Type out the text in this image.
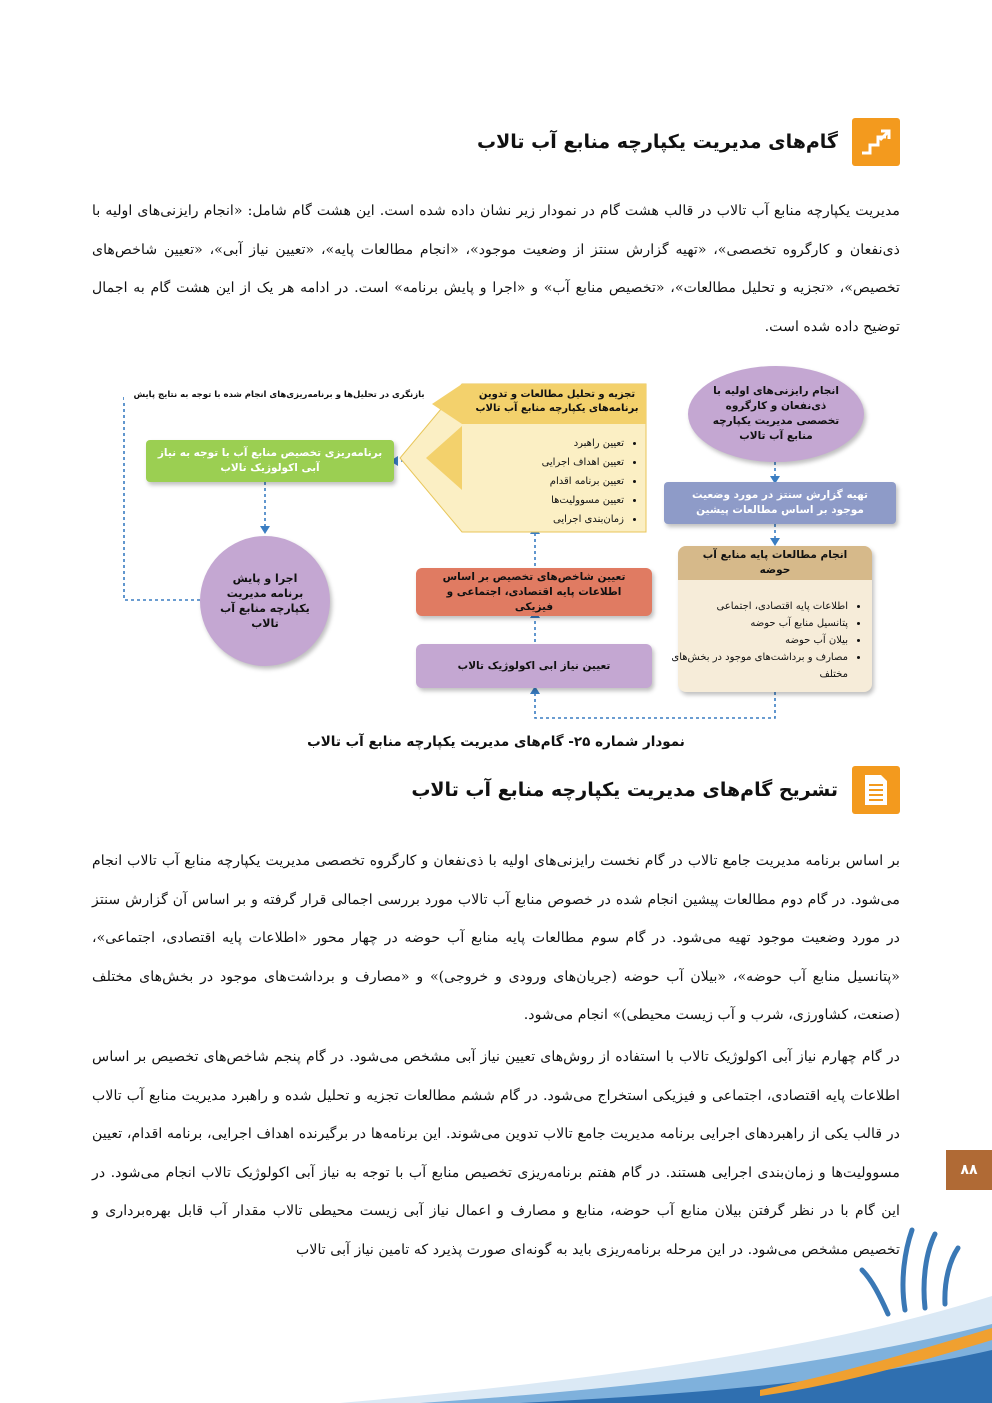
گام‌های مدیریت یکپارچه منابع آب تالاب

مدیریت یکپارچه منابع آب تالاب در قالب هشت گام در نمودار زیر نشان داده شده است. این هشت گام شامل: «انجام رایزنی‌های اولیه با ذی‌نفعان و کارگروه تخصصی»، «تهیه گزارش سنتز از وضعیت موجود»، «انجام مطالعات پایه»، «تعیین نیاز آبی»، «تعیین شاخص‌های تخصیص»، «تجزیه و تحلیل مطالعات»، «تخصیص منابع آب» و «اجرا و پایش برنامه» است. در ادامه هر یک از این هشت گام به اجمال توضیح داده شده است.

انجام رایزنی‌های اولیه با ذی‌نفعان و کارگروه تخصصی مدیریت یکپارچه منابع آب تالاب
تهیه گزارش سنتز در مورد وضعیت موجود بر اساس مطالعات پیشین
انجام مطالعات پایه منابع آب حوضه
• اطلاعات پایه اقتصادی، اجتماعی
• پتانسیل منابع آب حوضه
• بیلان آب حوضه
• مصارف و برداشت‌های موجود در بخش‌های مختلف
تعیین نیاز ابی اکولوژیک تالاب
تعیین شاخص‌های تخصیص بر اساس اطلاعات پایه اقتصادی، اجتماعی و فیزیکی
تجزیه و تحلیل مطالعات و تدوین برنامه‌های یکپارچه منابع آب تالاب
• تعیین راهبرد
• تعیین اهداف اجرایی
• تعیین برنامه اقدام
• تعیین مسوولیت‌ها
• زمان‌بندی اجرایی
برنامه‌ریزی تخصیص منابع آب با توجه به نیاز آبی اکولوژیک تالاب
اجرا و پایش برنامه مدیریت یکپارچه منابع آب تالاب
بازنگری در تحلیل‌ها و برنامه‌ریزی‌های انجام شده با توجه به نتایج پایش
نمودار شماره ۲۵- گام‌های مدیریت یکپارچه منابع آب تالاب
تشریح گام‌های مدیریت یکپارچه منابع آب تالاب

بر اساس برنامه مدیریت جامع تالاب در گام نخست رایزنی‌های اولیه با ذی‌نفعان و کارگروه تخصصی مدیریت یکپارچه منابع آب تالاب انجام می‌شود. در گام دوم مطالعات پیشین انجام شده در خصوص منابع آب تالاب مورد بررسی اجمالی قرار گرفته و بر اساس آن گزارش سنتز در مورد وضعیت موجود تهیه می‌شود. در گام سوم مطالعات پایه منابع آب حوضه در چهار محور «اطلاعات پایه اقتصادی، اجتماعی»، «پتانسیل منابع آب حوضه»، «بیلان آب حوضه (جریان‌های ورودی و خروجی)» و «مصارف و برداشت‌های موجود در بخش‌های مختلف (صنعت، کشاورزی، شرب و آب زیست محیطی)» انجام می‌شود.

در گام چهارم نیاز آبی اکولوژیک تالاب با استفاده از روش‌های تعیین نیاز آبی مشخص می‌شود. در گام پنجم شاخص‌های تخصیص بر اساس اطلاعات پایه اقتصادی، اجتماعی و فیزیکی استخراج می‌شود. در گام ششم مطالعات تجزیه و تحلیل شده و راهبرد مدیریت منابع آب تالاب در قالب یکی از راهبردهای اجرایی برنامه مدیریت جامع تالاب تدوین می‌شوند. این برنامه‌ها در برگیرنده اهداف اجرایی، برنامه اقدام، تعیین مسوولیت‌ها و زمان‌بندی اجرایی هستند. در گام هفتم برنامه‌ریزی تخصیص منابع آب با توجه به نیاز آبی اکولوژیک تالاب انجام می‌شود. در این گام با در نظر گرفتن بیلان منابع آب حوضه، منابع و مصارف و اعمال نیاز آبی زیست محیطی تالاب مقدار آب قابل بهره‌برداری و تخصیص مشخص می‌شود. در این مرحله برنامه‌ریزی باید به گونه‌ای صورت پذیرد که تامین نیاز آبی تالاب

۸۸
